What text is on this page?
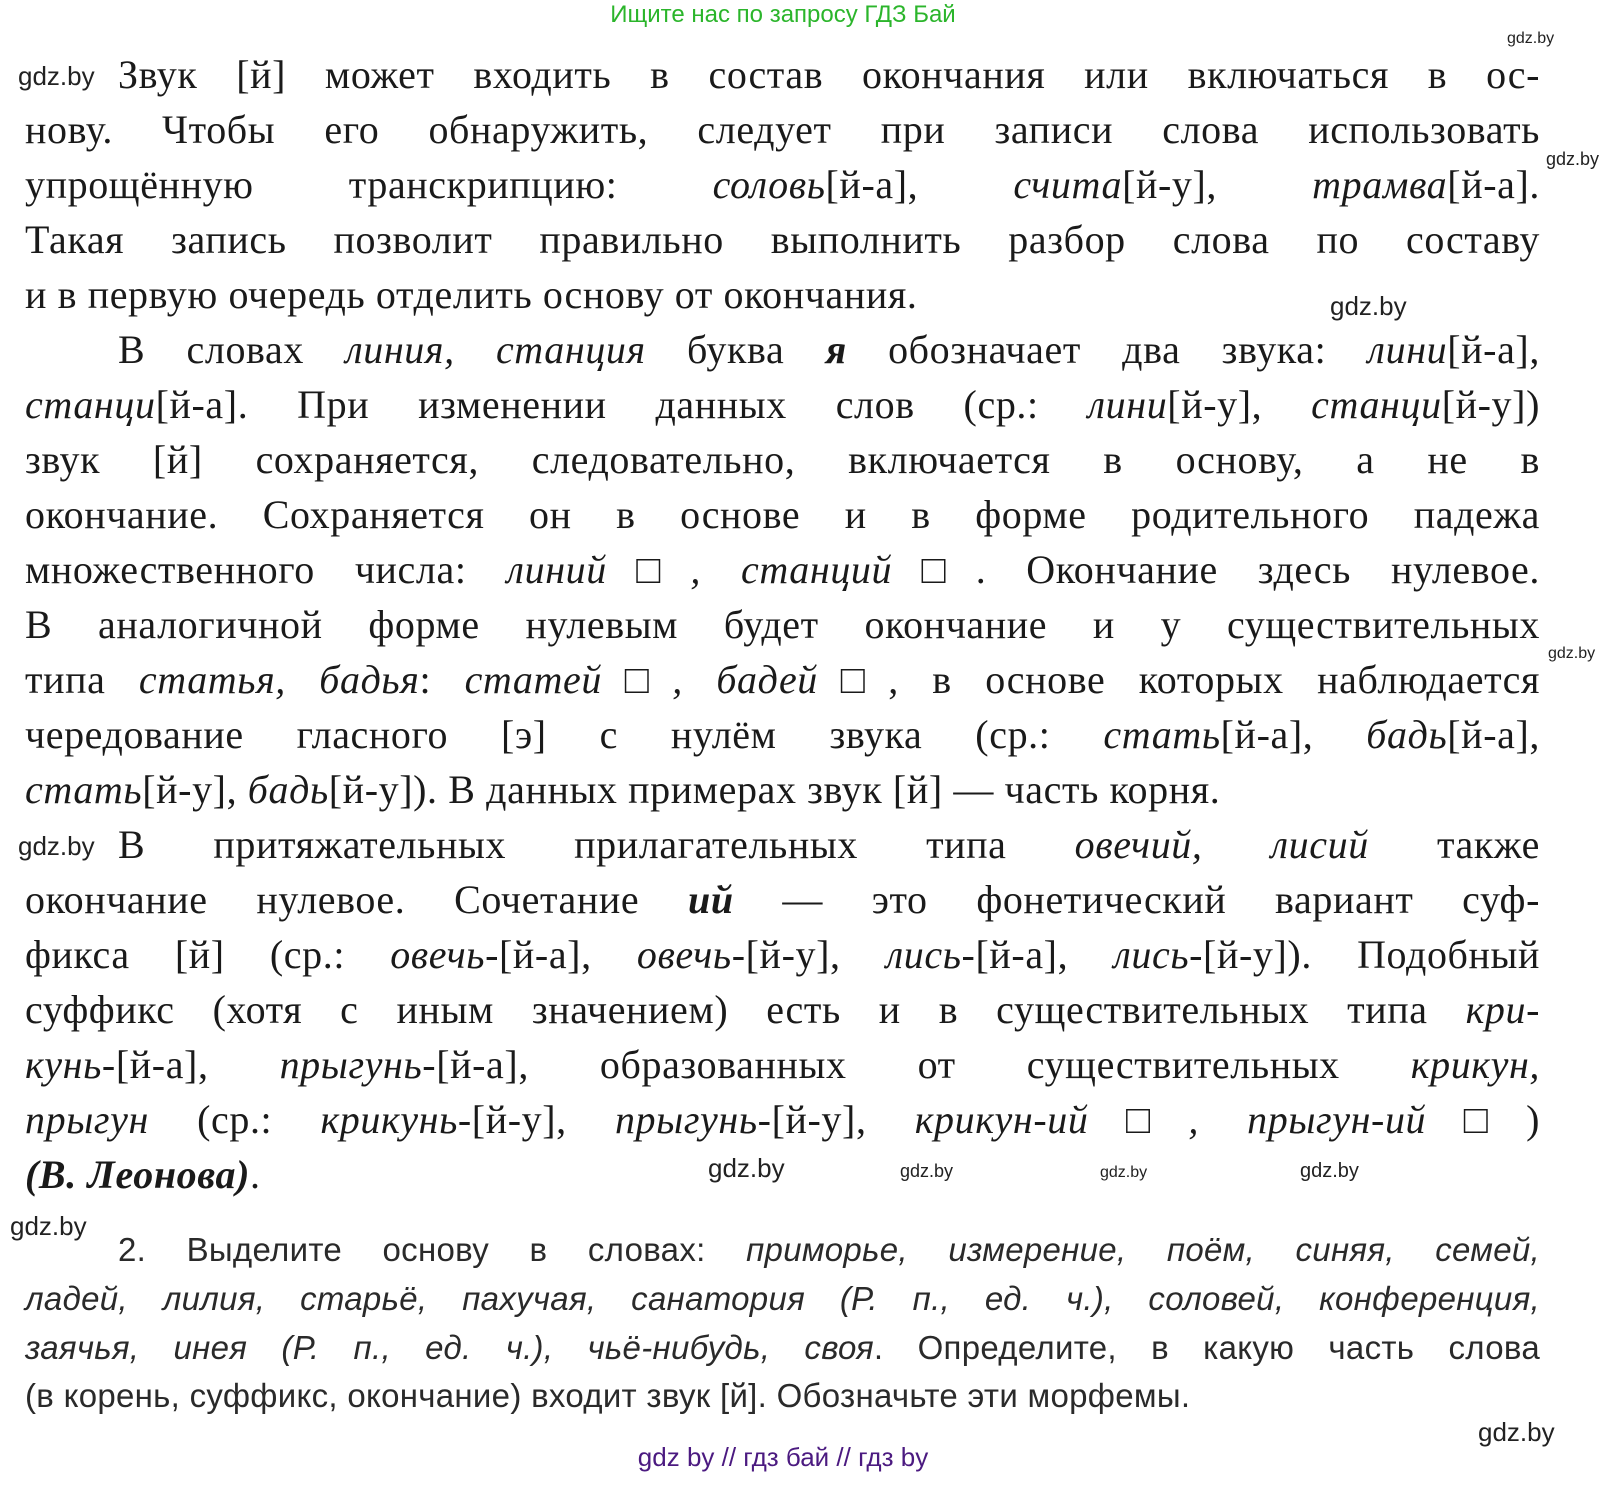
Ищите нас по запросу ГДЗ Бай
Звук [й] может входить в состав окончания или включаться в ос-
нову. Чтобы его обнаружить, следует при записи слова использовать
упрощённую транскрипцию: соловь[й-а], счита[й-у], трамва[й-а].
Такая запись позволит правильно выполнить разбор слова по составу
и в первую очередь отделить основу от окончания.
В словах линия, станция буква я обозначает два звука: лини[й-а],
станци[й-а]. При изменении данных слов (ср.: лини[й-у], станци[й-у])
звук [й] сохраняется, следовательно, включается в основу, а не в
окончание. Сохраняется он в основе и в форме родительного падежа
множественного числа: линий□, станций□. Окончание здесь нулевое.
В аналогичной форме нулевым будет окончание и у существительных
типа статья, бадья: статей□, бадей□, в основе которых наблюдается
чередование гласного [э] с нулём звука (ср.: стать[й-а], бадь[й-а],
стать[й-у], бадь[й-у]). В данных примерах звук [й] — часть корня.
В притяжательных прилагательных типа овечий, лисий также
окончание нулевое. Сочетание ий — это фонетический вариант суф-
фикса [й] (ср.: овечь-[й-а], овечь-[й-у], лись-[й-а], лись-[й-у]). Подобный
суффикс (хотя с иным значением) есть и в существительных типа кри-
кунь-[й-а], прыгунь-[й-а], образованных от существительных крикун,
прыгун (ср.: крикунь-[й-у], прыгунь-[й-у], крикун-ий□, прыгун-ий□)
(В. Леонова).
2. Выделите основу в словах: приморье, измерение, поём, синяя, семей,
ладей, лилия, старьё, пахучая, санатория (Р. п., ед. ч.), соловей, конференция,
заячья, инея (Р. п., ед. ч.), чьё-нибудь, своя. Определите, в какую часть слова
(в корень, суффикс, окончание) входит звук [й]. Обозначьте эти морфемы.
gdz.by
gdz.by
gdz.by
gdz.by
gdz.by
gdz.by
gdz.by
gdz.by	gdz.by
gdz.by
gdz.by
gdz.by
gdz by // гдз бай // гдз by
